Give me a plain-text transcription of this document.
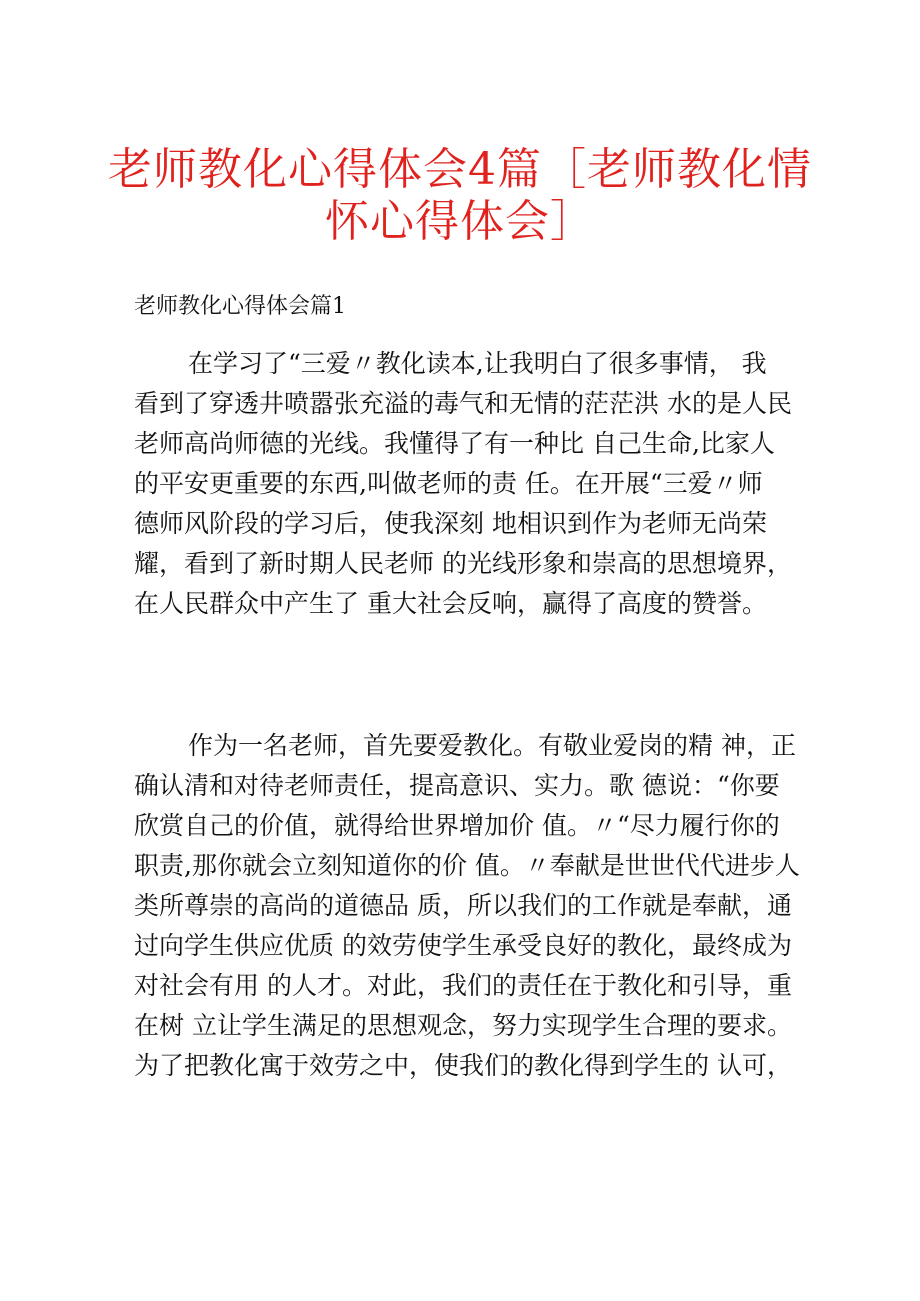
老师教化心得体会4篇［老师教化情
怀心得体会］
老师教化心得体会篇1
在学习了“三爱〃教化读本,让我明白了很多事情， 我
看到了穿透井喷嚣张充溢的毒气和无情的茫茫洪 水的是人民
老师高尚师德的光线。我懂得了有一种比 自己生命,比家人
的平安更重要的东西,叫做老师的责 任。在开展“三爱〃师
德师风阶段的学习后，使我深刻 地相识到作为老师无尚荣
耀，看到了新时期人民老师 的光线形象和崇高的思想境界，
在人民群众中产生了 重大社会反响，赢得了高度的赞誉。
作为一名老师，首先要爱教化。有敬业爱岗的精 神，正
确认清和对待老师责任，提高意识、实力。歌 德说：“你要
欣赏自己的价值，就得给世界增加价 值。〃“尽力履行你的
职责,那你就会立刻知道你的价 值。〃奉献是世世代代进步人
类所尊崇的高尚的道德品 质，所以我们的工作就是奉献，通
过向学生供应优质 的效劳使学生承受良好的教化，最终成为
对社会有用 的人才。对此，我们的责任在于教化和引导，重
在树 立让学生满足的思想观念，努力实现学生合理的要求。
为了把教化寓于效劳之中，使我们的教化得到学生的 认可，
